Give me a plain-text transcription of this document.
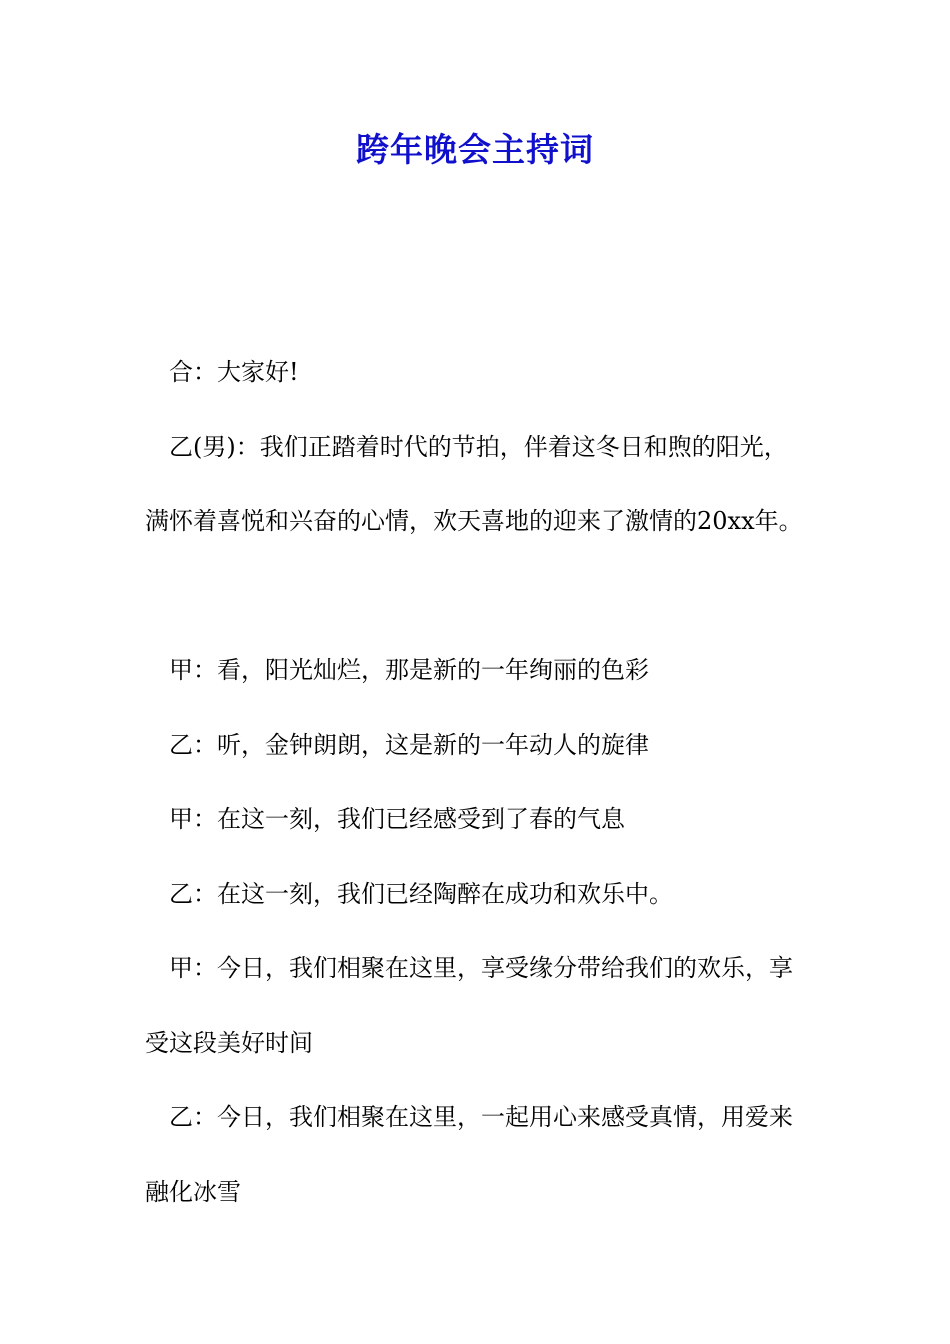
跨年晚会主持词

合：大家好!

乙(男)：我们正踏着时代的节拍，伴着这冬日和煦的阳光，满怀着喜悦和兴奋的心情，欢天喜地的迎来了激情的20xx年。

甲：看，阳光灿烂，那是新的一年绚丽的色彩

乙：听，金钟朗朗，这是新的一年动人的旋律

甲：在这一刻，我们已经感受到了春的气息

乙：在这一刻，我们已经陶醉在成功和欢乐中。

甲：今日，我们相聚在这里，享受缘分带给我们的欢乐，享受这段美好时间

乙：今日，我们相聚在这里，一起用心来感受真情，用爱来融化冰雪
